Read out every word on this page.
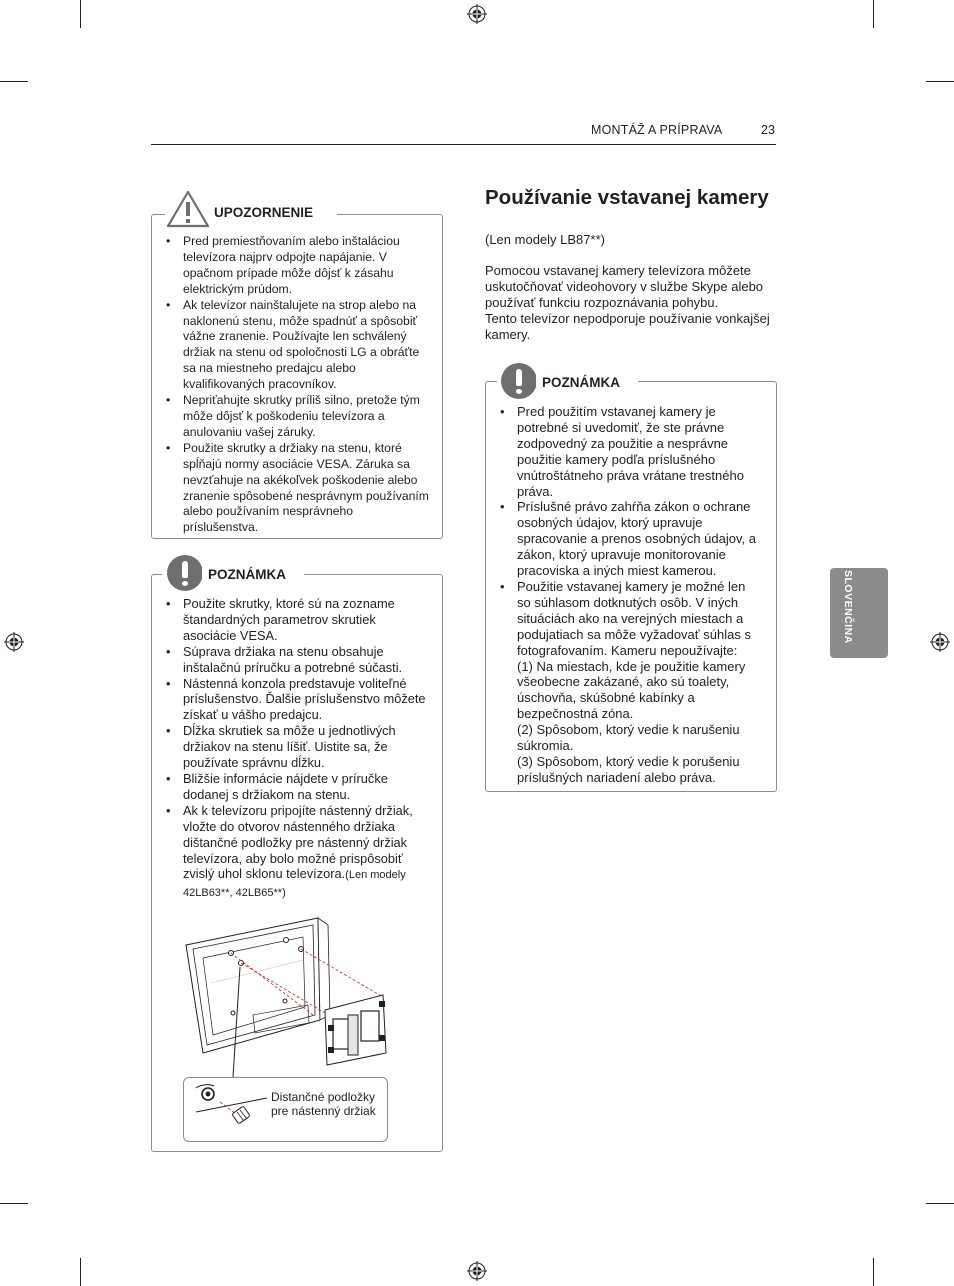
MONTÁŽ A PRÍPRAVA	23
SLOVENČINA
UPOZORNENIE
• Pred premiestňovaním alebo inštaláciou televízora najprv odpojte napájanie. V opačnom prípade môže dôjsť k zásahu elektrickým prúdom.
• Ak televízor nainštalujete na strop alebo na naklonenú stenu, môže spadnúť a spôsobiť vážne zranenie. Používajte len schválený držiak na stenu od spoločnosti LG a obráťte sa na miestneho predajcu alebo kvalifikovaných pracovníkov.
• Nepriťahujte skrutky príliš silno, pretože tým môže dôjsť k poškodeniu televízora a anulovaniu vašej záruky.
• Použite skrutky a držiaky na stenu, ktoré spĺňajú normy asociácie VESA. Záruka sa nevzťahuje na akékoľvek poškodenie alebo zranenie spôsobené nesprávnym používaním alebo používaním nesprávneho príslušenstva.
POZNÁMKA
• Použite skrutky, ktoré sú na zozname štandardných parametrov skrutiek asociácie VESA.
• Súprava držiaka na stenu obsahuje inštalačnú príručku a potrebné súčasti.
• Nástenná konzola predstavuje voliteľné príslušenstvo. Ďalšie príslušenstvo môžete získať u vášho predajcu.
• Dĺžka skrutiek sa môže u jednotlivých držiakov na stenu líšiť. Uistite sa, že používate správnu dĺžku.
• Bližšie informácie nájdete v príručke dodanej s držiakom na stenu.
• Ak k televízoru pripojíte nástenný držiak, vložte do otvorov nástenného držiaka dištančné podložky pre nástenný držiak televízora, aby bolo možné prispôsobiť zvislý uhol sklonu televízora.(Len modely 42LB63**, 42LB65**)
Distančné podložky pre nástenný držiak
Používanie vstavanej kamery
(Len modely LB87**)
Pomocou vstavanej kamery televízora môžete uskutočňovať videohovory v službe Skype alebo používať funkciu rozpoznávania pohybu.
Tento televízor nepodporuje používanie vonkajšej kamery.
POZNÁMKA
• Pred použitím vstavanej kamery je potrebné si uvedomiť, že ste právne zodpovedný za použitie a nesprávne použitie kamery podľa príslušného vnútroštátneho práva vrátane trestného práva.
• Príslušné právo zahŕňa zákon o ochrane osobných údajov, ktorý upravuje spracovanie a prenos osobných údajov, a zákon, ktorý upravuje monitorovanie pracoviska a iných miest kamerou.
• Použitie vstavanej kamery je možné len so súhlasom dotknutých osôb. V iných situáciách ako na verejných miestach a podujatiach sa môže vyžadovať súhlas s fotografovaním. Kameru nepoužívajte:
(1) Na miestach, kde je použitie kamery všeobecne zakázané, ako sú toalety, úschovňa, skúšobné kabínky a bezpečnostná zóna.
(2) Spôsobom, ktorý vedie k narušeniu súkromia.
(3) Spôsobom, ktorý vedie k porušeniu príslušných nariadení alebo práva.
